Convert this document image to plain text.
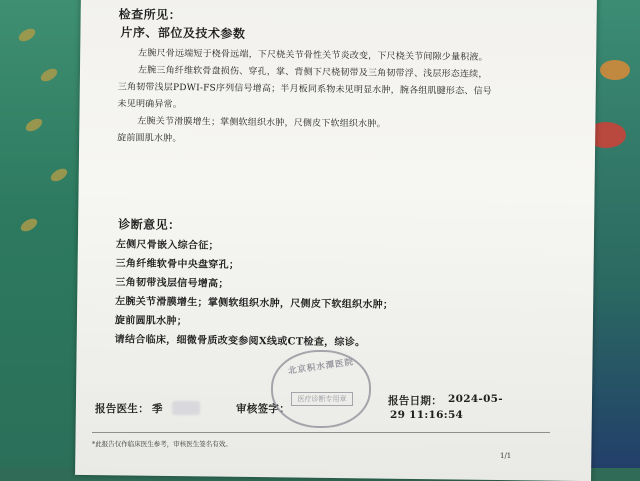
检查所见：
片序、部位及技术参数
左腕尺骨远端短于桡骨远端，下尺桡关节骨性关节炎改变，下尺桡关节间隙少量积液。
左腕三角纤维软骨盘损伤、穿孔，掌、背侧下尺桡韧带及三角韧带浮、浅层形态连续，
三角韧带浅层PDWI-FS序列信号增高；半月板同系物未见明显水肿，腕各组肌腱形态、信号
未见明确异常。
左腕关节滑膜增生；掌侧软组织水肿，尺侧皮下软组织水肿。
旋前圆肌水肿。
诊断意见：
左侧尺骨嵌入综合征；
三角纤维软骨中央盘穿孔；
三角韧带浅层信号增高；
左腕关节滑膜增生；掌侧软组织水肿，尺侧皮下软组织水肿；
旋前圆肌水肿；
请结合临床，细微骨质改变参阅X线或CT检查，综诊。
报告医生： 季	审核签字：
报告日期： 2024-05-
29 11:16:54
北京积水潭医院
医疗诊断专用章
*此报告仅作临床医生参考，审核医生签名有效。
1/1
